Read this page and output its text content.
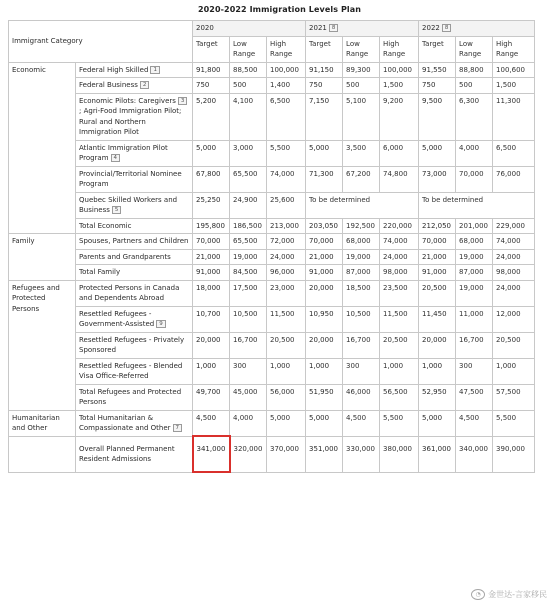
2020-2022 Immigration Levels Plan
Immigrant Category		2020			2021 8			2022 8		
		Target	Low Range	High Range	Target	Low Range	High Range	Target	Low Range	High Range
Economic	Federal High Skilled 1	91,800	88,500	100,000	91,150	89,300	100,000	91,550	88,800	100,600
	Federal Business 2	750	500	1,400	750	500	1,500	750	500	1,500
	Economic Pilots: Caregivers 3; Agri-Food Immigration Pilot; Rural and Northern Immigration Pilot	5,200	4,100	6,500	7,150	5,100	9,200	9,500	6,300	11,300
	Atlantic Immigration Pilot Program 4	5,000	3,000	5,500	5,000	3,500	6,000	5,000	4,000	6,500
	Provincial/Territorial Nominee Program	67,800	65,500	74,000	71,300	67,200	74,800	73,000	70,000	76,000
	Quebec Skilled Workers and Business 5	25,250	24,900	25,600	To be determined			To be determined		
	Total Economic	195,800	186,500	213,000	203,050	192,500	220,000	212,050	201,000	229,000
Family	Spouses, Partners and Children	70,000	65,500	72,000	70,000	68,000	74,000	70,000	68,000	74,000
	Parents and Grandparents	21,000	19,000	24,000	21,000	19,000	24,000	21,000	19,000	24,000
	Total Family	91,000	84,500	96,000	91,000	87,000	98,000	91,000	87,000	98,000
Refugees and Protected Persons	Protected Persons in Canada and Dependents Abroad	18,000	17,500	23,000	20,000	18,500	23,500	20,500	19,000	24,000
	Resettled Refugees - Government-Assisted 9	10,700	10,500	11,500	10,950	10,500	11,500	11,450	11,000	12,000
	Resettled Refugees - Privately Sponsored	20,000	16,700	20,500	20,000	16,700	20,500	20,000	16,700	20,500
	Resettled Refugees - Blended Visa Office-Referred	1,000	300	1,000	1,000	300	1,000	1,000	300	1,000
	Total Refugees and Protected Persons	49,700	45,000	56,000	51,950	46,000	56,500	52,950	47,500	57,500
Humanitarian and Other	Total Humanitarian & Compassionate and Other 7	4,500	4,000	5,000	5,000	4,500	5,500	5,000	4,500	5,500
	Overall Planned Permanent Resident Admissions	341,000	320,000	370,000	351,000	330,000	380,000	361,000	340,000	390,000
◔ 金世达-言家移民
